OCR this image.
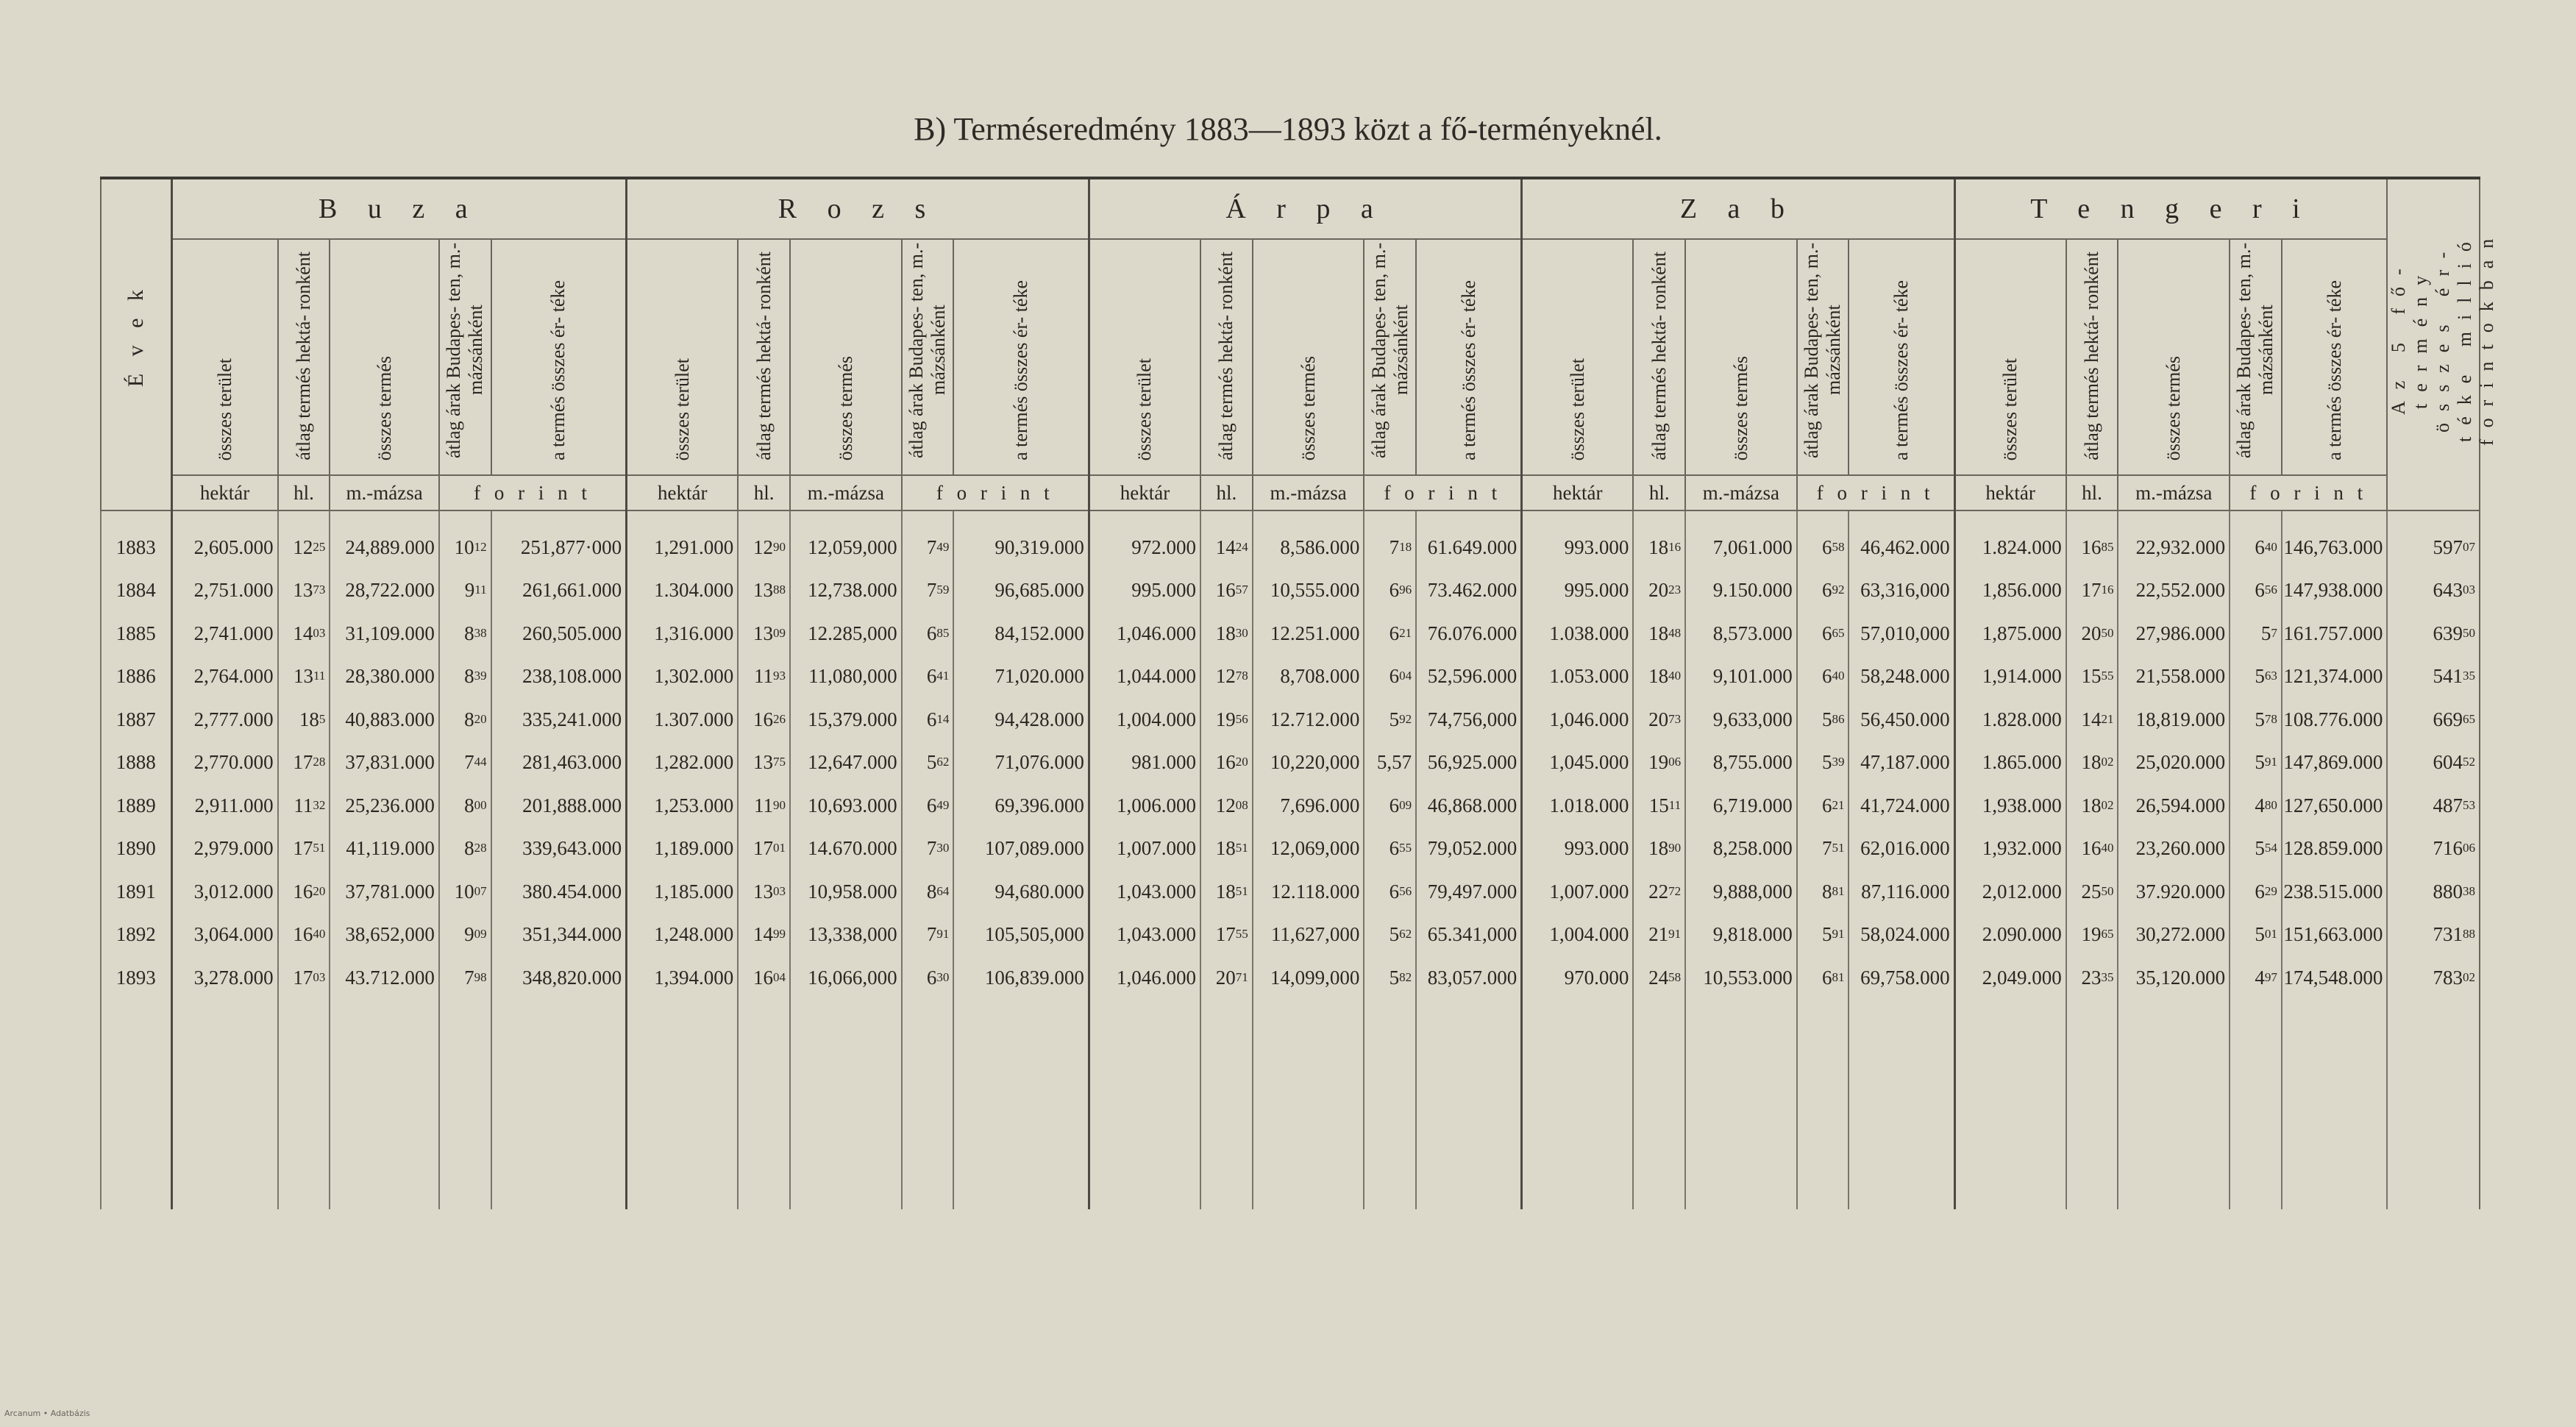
B) Terméseredmény 1883—1893 közt a fő-terményeknél.
É v e k	B u z a					R o z s					Á r p a					Z a b					T e n g e r i					Az 5 fő-termény összes ér- téke millió forintokban
	összes terület	átlag termés hektá- ronként	összes termés	átlag árak Budapes- ten, m.-mázsánként	a termés összes ér- téke	összes terület	átlag termés hektá- ronként	összes termés	átlag árak Budapes- ten, m.-mázsánként	a termés összes ér- téke	összes terület	átlag termés hektá- ronként	összes termés	átlag árak Budapes- ten, m.-mázsánként	a termés összes ér- téke	összes terület	átlag termés hektá- ronként	összes termés	átlag árak Budapes- ten, m.-mázsánként	a termés összes ér- téke	összes terület	átlag termés hektá- ronként	összes termés	átlag árak Budapes- ten, m.-mázsánként	a termés összes ér- téke	
	hektár	hl.	m.-mázsa	f o r i n t		hektár	hl.	m.-mázsa	f o r i n t		hektár	hl.	m.-mázsa	f o r i n t		hektár	hl.	m.-mázsa	f o r i n t		hektár	hl.	m.-mázsa	f o r i n t		
1883	2,605.000	$12^{25}$	24,889.000	$10^{12}$	251,877·000	1,291.000	$12^{90}$	12,059,000	$7^{49}$	90,319.000	972.000	$14^{24}$	8,586.000	$7^{18}$	61.649.000	993.000	$18^{16}$	7,061.000	$6^{58}$	46,462.000	1.824.000	$16^{85}$	22,932.000	$6^{40}$	146,763.000	$597^{07}$
1884	2,751.000	$13^{73}$	28,722.000	$9^{11}$	261,661.000	1.304.000	$13^{88}$	12,738.000	$7^{59}$	96,685.000	995.000	$16^{57}$	10,555.000	$6^{96}$	73.462.000	995.000	$20^{23}$	9.150.000	$6^{92}$	63,316,000	1,856.000	$17^{16}$	22,552.000	$6^{56}$	147,938.000	$643^{03}$
1885	2,741.000	$14^{03}$	31,109.000	$8^{38}$	260,505.000	1,316.000	$13^{09}$	12.285,000	$6^{85}$	84,152.000	1,046.000	$18^{30}$	12.251.000	$6^{21}$	76.076.000	1.038.000	$18^{48}$	8,573.000	$6^{65}$	57,010,000	1,875.000	$20^{50}$	27,986.000	$5^7$	161.757.000	$639^{50}$
1886	2,764.000	$13^{11}$	28,380.000	$8^{39}$	238,108.000	1,302.000	$11^{93}$	11,080,000	$6^{41}$	71,020.000	1,044.000	$12^{78}$	8,708.000	$6^{04}$	52,596.000	1.053.000	$18^{40}$	9,101.000	$6^{40}$	58,248.000	1,914.000	$15^{55}$	21,558.000	$5^{63}$	121,374.000	$541^{35}$
1887	2,777.000	$18^5$	40,883.000	$8^{20}$	335,241.000	1.307.000	$16^{26}$	15,379.000	$6^{14}$	94,428.000	1,004.000	$19^{56}$	12.712.000	$5^{92}$	74,756,000	1,046.000	$20^{73}$	9,633,000	$5^{86}$	56,450.000	1.828.000	$14^{21}$	18,819.000	$5^{78}$	108.776.000	$669^{65}$
1888	2,770.000	$17^{28}$	37,831.000	$7^{44}$	281,463.000	1,282.000	$13^{75}$	12,647.000	$5^{62}$	71,076.000	981.000	$16^{20}$	10,220,000	5,57	56,925.000	1,045.000	$19^{06}$	8,755.000	$5^{39}$	47,187.000	1.865.000	$18^{02}$	25,020.000	$5^{91}$	147,869.000	$604^{52}$
1889	2,911.000	$11^{32}$	25,236.000	$8^{00}$	201,888.000	1,253.000	$11^{90}$	10,693.000	$6^{49}$	69,396.000	1,006.000	$12^{08}$	7,696.000	$6^{09}$	46,868.000	1.018.000	$15^{11}$	6,719.000	$6^{21}$	41,724.000	1,938.000	$18^{02}$	26,594.000	$4^{80}$	127,650.000	$487^{53}$
1890	2,979.000	$17^{51}$	41,119.000	$8^{28}$	339,643.000	1,189.000	$17^{01}$	14.670.000	$7^{30}$	107,089.000	1,007.000	$18^{51}$	12,069,000	$6^{55}$	79,052.000	993.000	$18^{90}$	8,258.000	$7^{51}$	62,016.000	1,932.000	$16^{40}$	23,260.000	$5^{54}$	128.859.000	$716^{06}$
1891	3,012.000	$16^{20}$	37,781.000	$10^{07}$	380.454.000	1,185.000	$13^{03}$	10,958.000	$8^{64}$	94,680.000	1,043.000	$18^{51}$	12.118.000	$6^{56}$	79,497.000	1,007.000	$22^{72}$	9,888,000	$8^{81}$	87,116.000	2,012.000	$25^{50}$	37.920.000	$6^{29}$	238.515.000	$880^{38}$
1892	3,064.000	$16^{40}$	38,652,000	$9^{09}$	351,344.000	1,248.000	$14^{99}$	13,338,000	$7^{91}$	105,505,000	1,043.000	$17^{55}$	11,627,000	$5^{62}$	65.341,000	1,004.000	$21^{91}$	9,818.000	$5^{91}$	58,024.000	2.090.000	$19^{65}$	30,272.000	$5^{01}$	151,663.000	$731^{88}$
1893	3,278.000	$17^{03}$	43.712.000	$7^{98}$	348,820.000	1,394.000	$16^{04}$	16,066,000	$6^{30}$	106,839.000	1,046.000	$20^{71}$	14,099,000	$5^{82}$	83,057.000	970.000	$24^{58}$	10,553.000	$6^{81}$	69,758.000	2,049.000	$23^{35}$	35,120.000	$4^{97}$	174,548.000	$783^{02}$

Arcanum • Adatbázis
